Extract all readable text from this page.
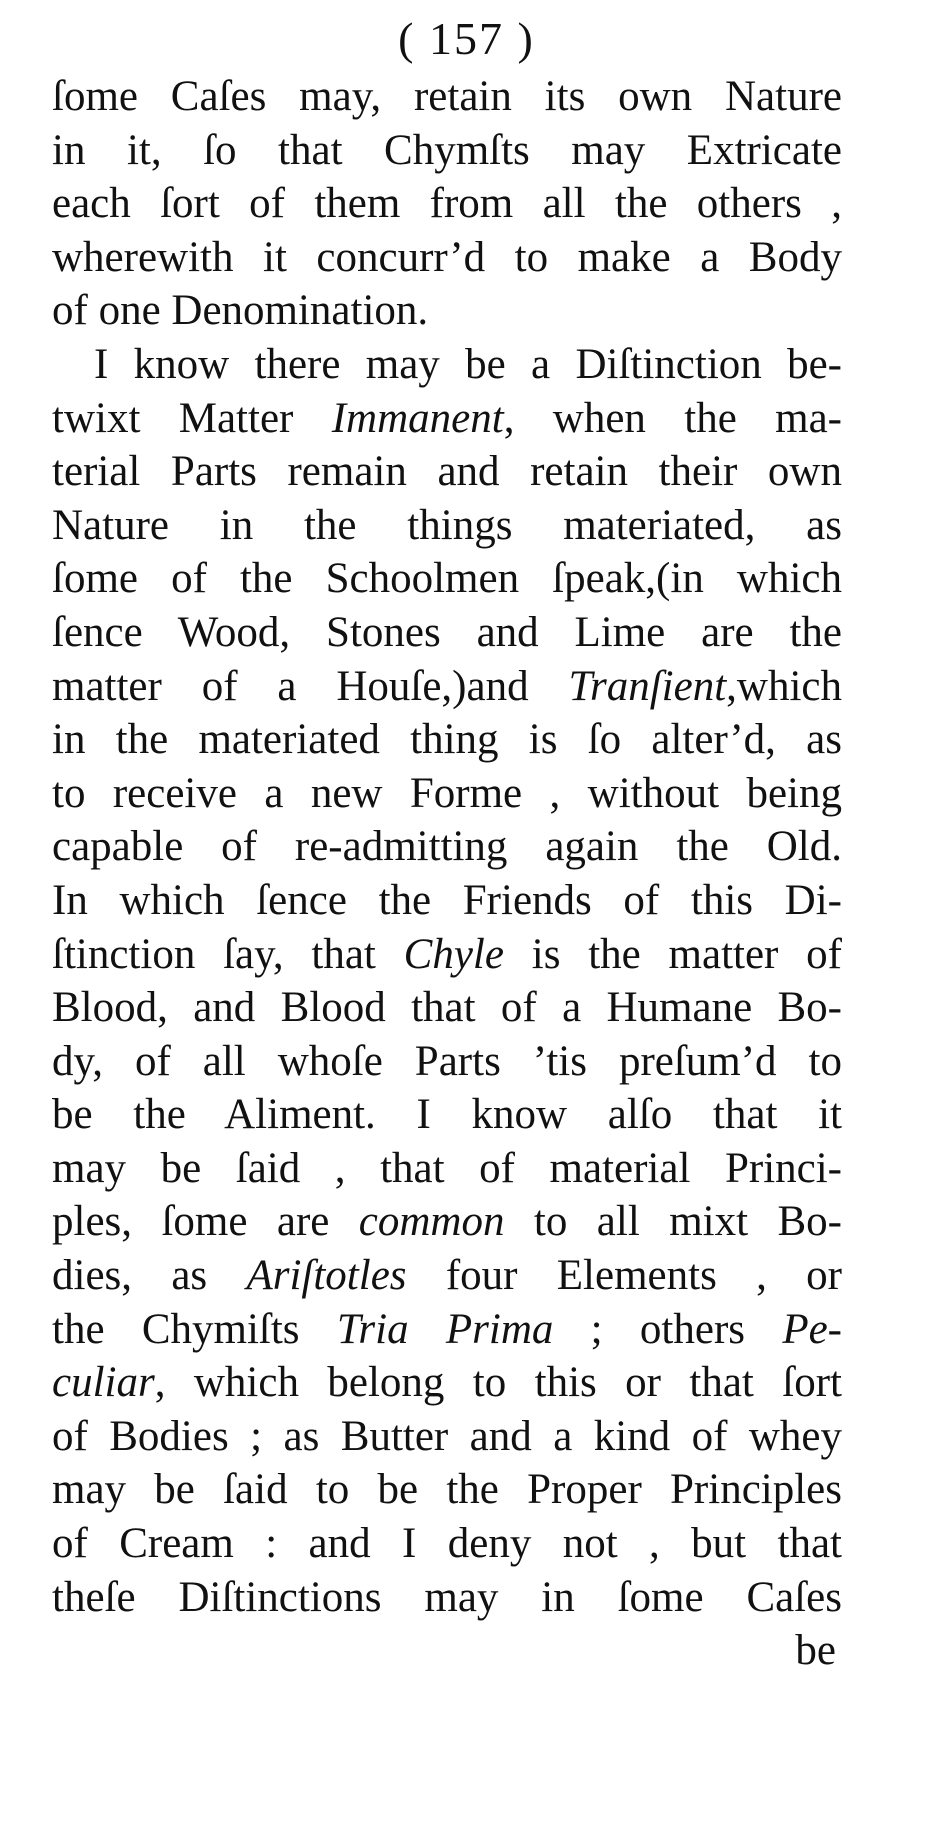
( 157 )
ſome Caſes may, retain its own Nature
in it, ſo that Chymſts may Extricate
each ſort of them from all the others ,
wherewith it concurr’d to make a Body
of one Denomination.
I know there may be a Diſtinction be-
twixt Matter Immanent, when the ma-
terial Parts remain and retain their own
Nature in the things materiated, as
ſome of the Schoolmen ſpeak,(in which
ſence Wood, Stones and Lime are the
matter of a Houſe,)and Tranſient,which
in the materiated thing is ſo alter’d, as
to receive a new Forme , without being
capable of re-admitting again the Old.
In which ſence the Friends of this Di-
ſtinction ſay, that Chyle is the matter of
Blood, and Blood that of a Humane Bo-
dy, of all whoſe Parts ’tis preſum’d to
be the Aliment. I know alſo that it
may be ſaid , that of material Princi-
ples, ſome are common to all mixt Bo-
dies, as Ariſtotles four Elements , or
the Chymiſts Tria Prima ; others Pe-
culiar, which belong to this or that ſort
of Bodies ; as Butter and a kind of whey
may be ſaid to be the Proper Principles
of Cream : and I deny not , but that
theſe Diſtinctions may in ſome Caſes
be
